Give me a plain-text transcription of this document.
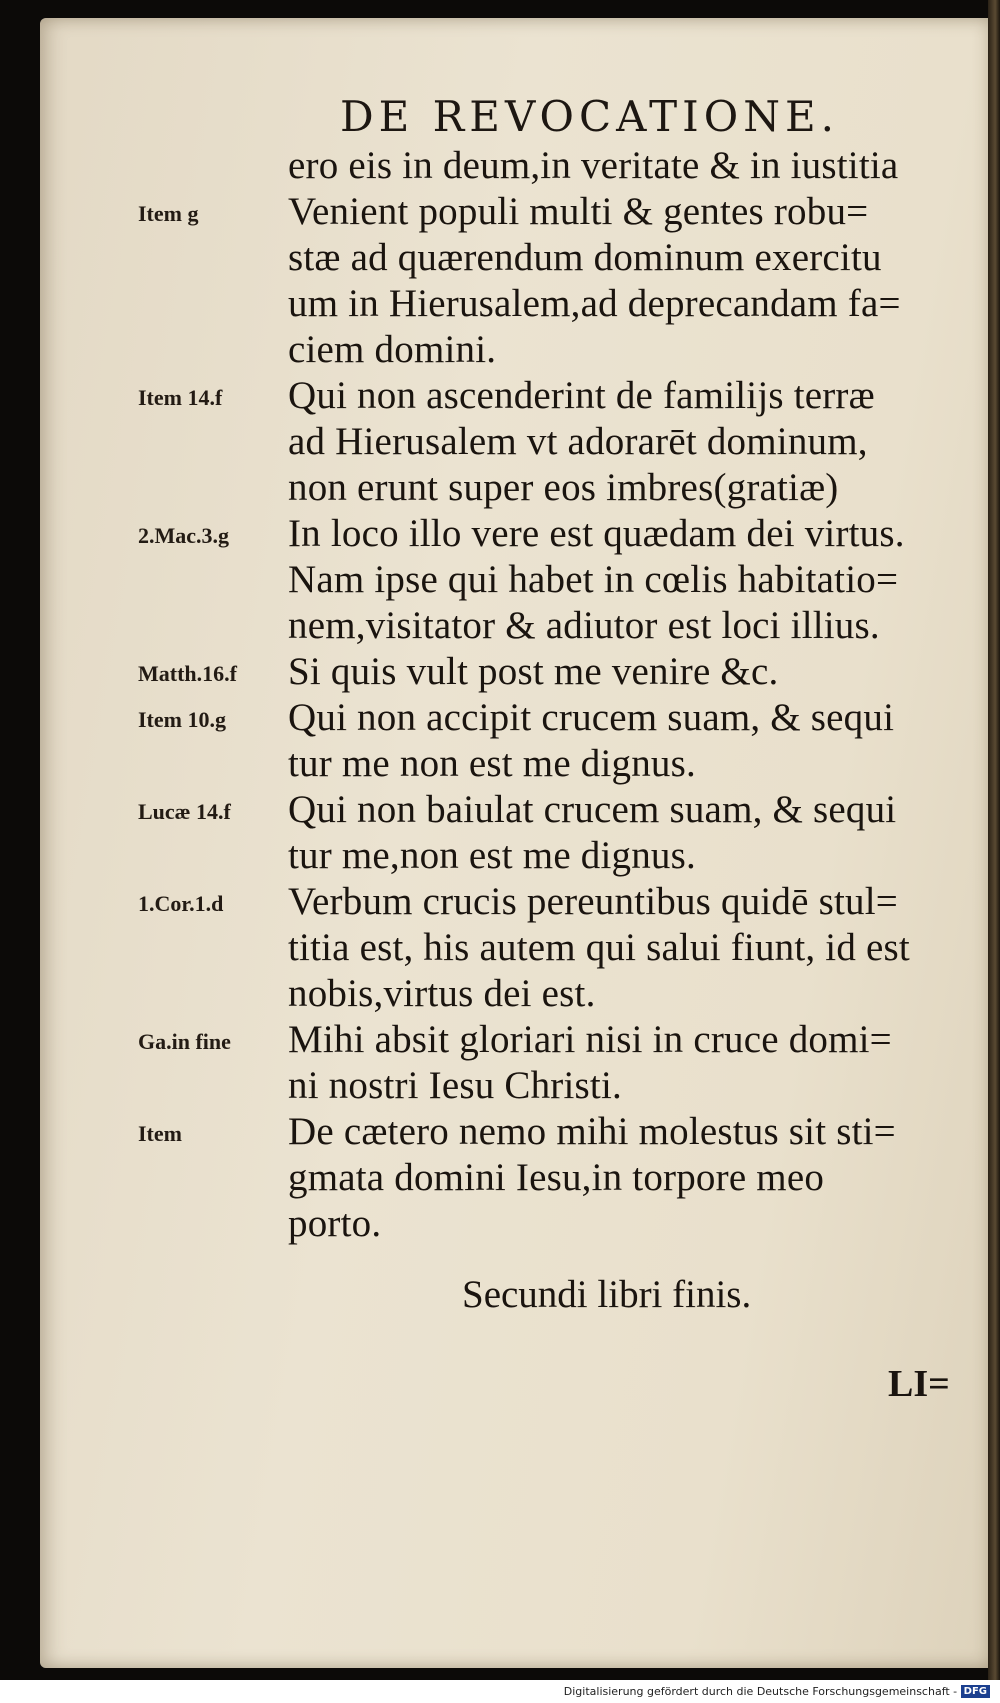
DE REVOCATIONE.
ero eis in deum,in veritate & in iustitia
Venient populi multi & gentes robu=
Item g
stæ ad quærendum dominum exercitu
um in Hierusalem,ad deprecandam fa=
ciem domini.
Qui non ascenderint de familijs terræ
Item 14.f
ad Hierusalem vt adorarēt dominum,
non erunt super eos imbres(gratiæ)
In loco illo vere est quædam dei virtus.
2.Mac.3.g
Nam ipse qui habet in cœlis habitatio=
nem,visitator & adiutor est loci illius.
Si quis vult post me venire &c.
Matth.16.f
Qui non accipit crucem suam, & sequi
Item 10.g
tur me non est me dignus.
Qui non baiulat crucem suam, & sequi
Lucæ 14.f
tur me,non est me dignus.
Verbum crucis pereuntibus quidē stul=
1.Cor.1.d
titia est, his autem qui salui fiunt, id est
nobis,virtus dei est.
Mihi absit gloriari nisi in cruce domi=
Ga.in fine
ni nostri Iesu Christi.
De cætero nemo mihi molestus sit sti=
Item
gmata domini Iesu,in torpore meo
porto.
Secundi libri finis.
LI=
Digitalisierung gefördert durch die Deutsche Forschungsgemeinschaft - DFG
